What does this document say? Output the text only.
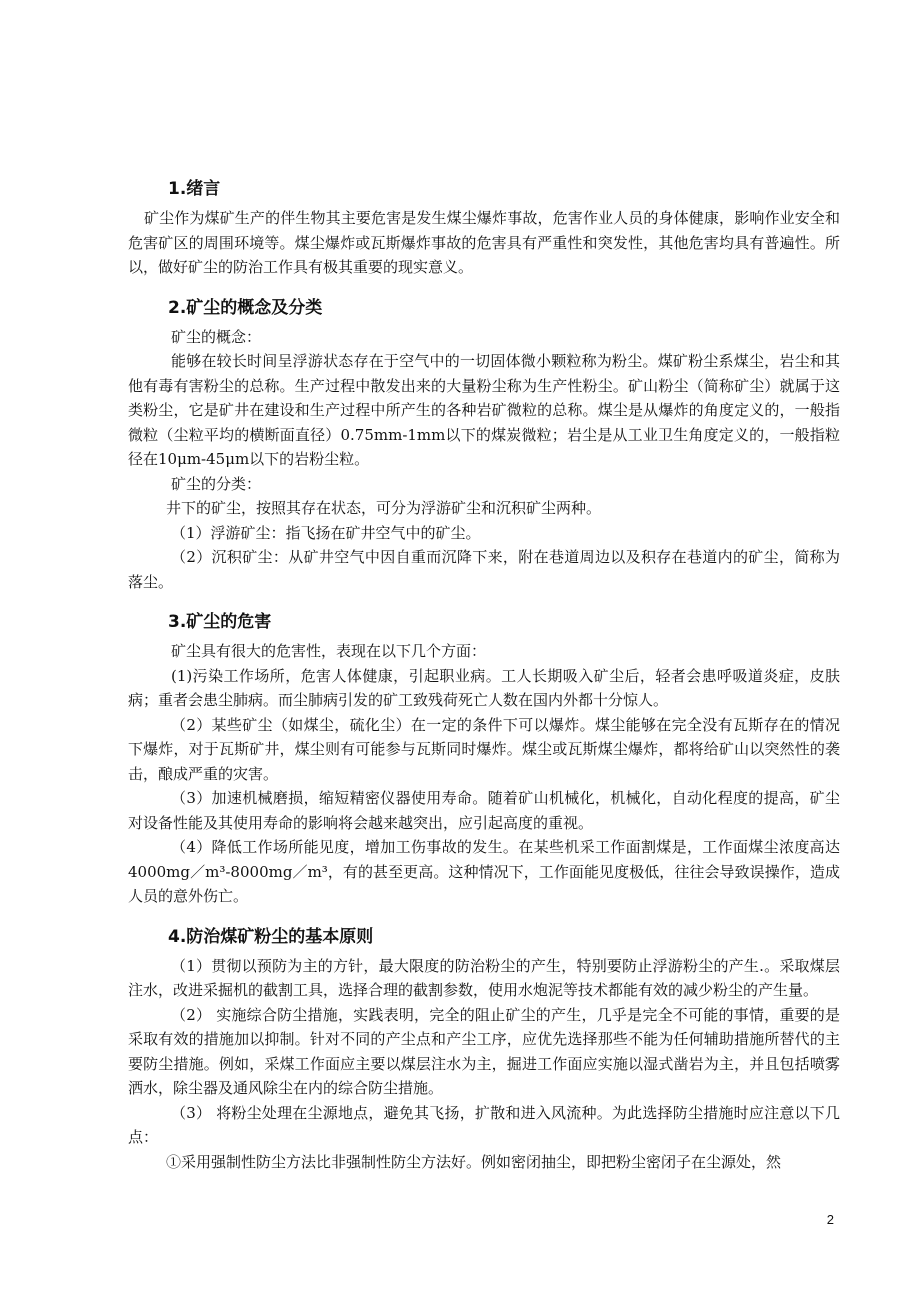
1.绪言

矿尘作为煤矿生产的伴生物其主要危害是发生煤尘爆炸事故，危害作业人员的身体健康，影响作业安全和危害矿区的周围环境等。煤尘爆炸或瓦斯爆炸事故的危害具有严重性和突发性，其他危害均具有普遍性。所以，做好矿尘的防治工作具有极其重要的现实意义。

2.矿尘的概念及分类

矿尘的概念：

能够在较长时间呈浮游状态存在于空气中的一切固体微小颗粒称为粉尘。煤矿粉尘系煤尘，岩尘和其他有毒有害粉尘的总称。生产过程中散发出来的大量粉尘称为生产性粉尘。矿山粉尘（简称矿尘）就属于这类粉尘，它是矿井在建设和生产过程中所产生的各种岩矿微粒的总称。煤尘是从爆炸的角度定义的，一般指微粒（尘粒平均的横断面直径）0.75mm-1mm以下的煤炭微粒；岩尘是从工业卫生角度定义的，一般指粒径在10μm-45μm以下的岩粉尘粒。

矿尘的分类：

井下的矿尘，按照其存在状态，可分为浮游矿尘和沉积矿尘两种。

（1）浮游矿尘：指飞扬在矿井空气中的矿尘。

（2）沉积矿尘：从矿井空气中因自重而沉降下来，附在巷道周边以及积存在巷道内的矿尘，简称为落尘。

3.矿尘的危害

矿尘具有很大的危害性，表现在以下几个方面：

(1)污染工作场所，危害人体健康，引起职业病。工人长期吸入矿尘后，轻者会患呼吸道炎症，皮肤病；重者会患尘肺病。而尘肺病引发的矿工致残荷死亡人数在国内外都十分惊人。

（2）某些矿尘（如煤尘，硫化尘）在一定的条件下可以爆炸。煤尘能够在完全没有瓦斯存在的情况下爆炸，对于瓦斯矿井，煤尘则有可能参与瓦斯同时爆炸。煤尘或瓦斯煤尘爆炸，都将给矿山以突然性的袭击，酿成严重的灾害。

（3）加速机械磨损，缩短精密仪器使用寿命。随着矿山机械化，机械化，自动化程度的提高，矿尘对设备性能及其使用寿命的影响将会越来越突出，应引起高度的重视。

（4）降低工作场所能见度，增加工伤事故的发生。在某些机采工作面割煤是，工作面煤尘浓度高达4000mg／m³-8000mg／m³，有的甚至更高。这种情况下，工作面能见度极低，往往会导致误操作，造成人员的意外伤亡。

4.防治煤矿粉尘的基本原则

（1）贯彻以预防为主的方针，最大限度的防治粉尘的产生，特别要防止浮游粉尘的产生.。采取煤层注水，改进采掘机的截割工具，选择合理的截割参数，使用水炮泥等技术都能有效的减少粉尘的产生量。

（2） 实施综合防尘措施，实践表明，完全的阻止矿尘的产生，几乎是完全不可能的事情，重要的是采取有效的措施加以抑制。针对不同的产尘点和产尘工序，应优先选择那些不能为任何辅助措施所替代的主要防尘措施。例如，采煤工作面应主要以煤层注水为主，掘进工作面应实施以湿式凿岩为主，并且包括喷雾洒水，除尘器及通风除尘在内的综合防尘措施。

（3） 将粉尘处理在尘源地点，避免其飞扬，扩散和进入风流种。为此选择防尘措施时应注意以下几点：

①采用强制性防尘方法比非强制性防尘方法好。例如密闭抽尘，即把粉尘密闭子在尘源处，然

2
